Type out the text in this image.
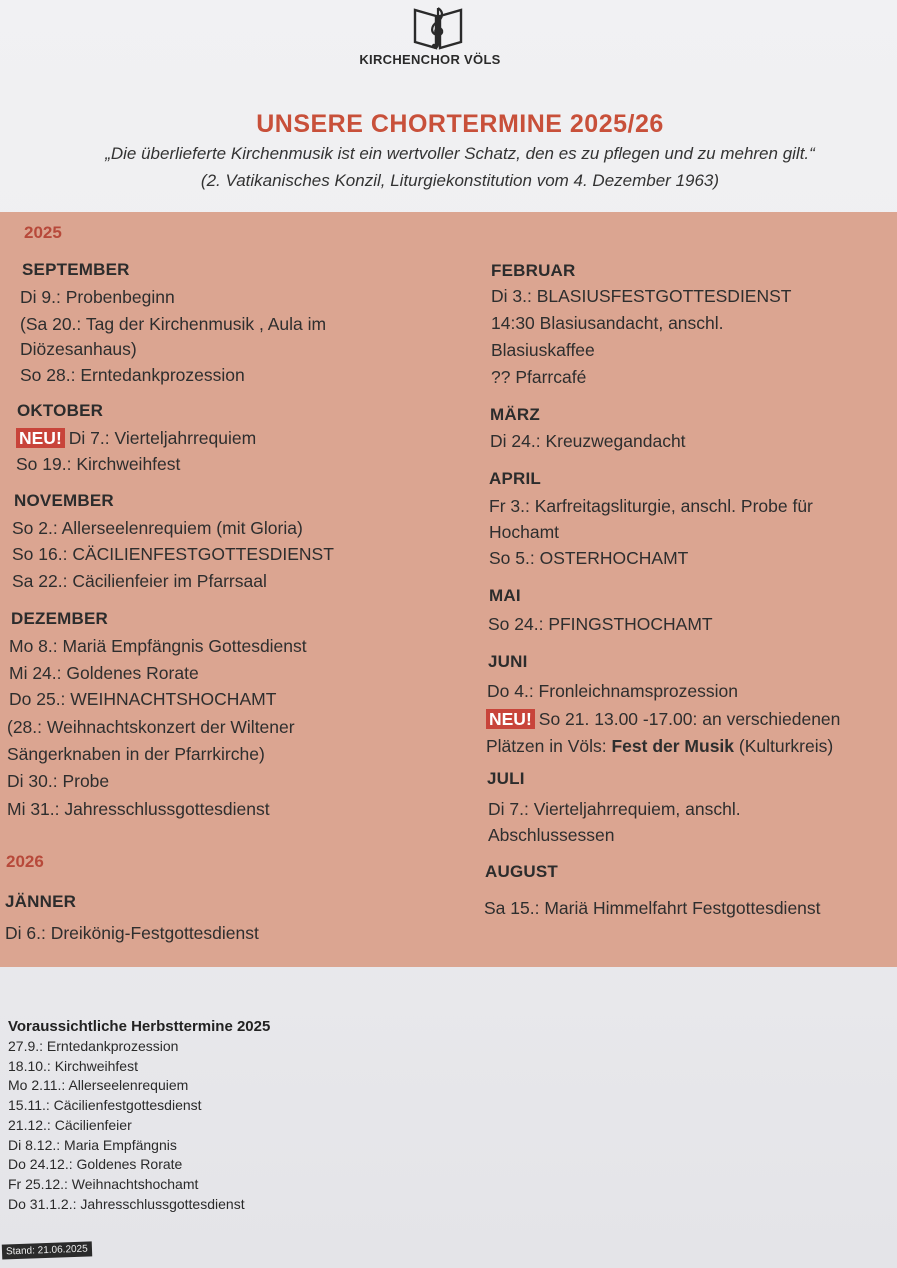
KIRCHENCHOR VÖLS
UNSERE CHORTERMINE 2025/26
„Die überlieferte Kirchenmusik ist ein wertvoller Schatz, den es zu pflegen und zu mehren gilt.“
(2. Vatikanisches Konzil, Liturgiekonstitution vom 4. Dezember 1963)
2025
SEPTEMBER
Di 9.: Probenbeginn
(Sa 20.: Tag der Kirchenmusik , Aula im
Diözesanhaus)
So 28.: Erntedankprozession
OKTOBER
NEU! Di 7.: Vierteljahrrequiem
So 19.: Kirchweihfest
NOVEMBER
So 2.: Allerseelenrequiem (mit Gloria)
So 16.: CÄCILIENFESTGOTTESDIENST
Sa 22.: Cäcilienfeier im Pfarrsaal
DEZEMBER
Mo 8.: Mariä Empfängnis Gottesdienst
Mi 24.: Goldenes Rorate
Do 25.: WEIHNACHTSHOCHAMT
(28.: Weihnachtskonzert der Wiltener
Sängerknaben in der Pfarrkirche)
Di 30.: Probe
Mi 31.: Jahresschlussgottesdienst
2026
JÄNNER
Di 6.: Dreikönig-Festgottesdienst
FEBRUAR
Di 3.: BLASIUSFESTGOTTESDIENST
14:30 Blasiusandacht, anschl.
Blasiuskaffee
?? Pfarrcafé
MÄRZ
Di 24.: Kreuzwegandacht
APRIL
Fr 3.: Karfreitagsliturgie, anschl. Probe für
Hochamt
So 5.: OSTERHOCHAMT
MAI
So 24.: PFINGSTHOCHAMT
JUNI
Do 4.: Fronleichnamsprozession
NEU! So 21. 13.00 -17.00: an verschiedenen
Plätzen in Völs: Fest der Musik (Kulturkreis)
JULI
Di 7.: Vierteljahrrequiem, anschl.
Abschlussessen
AUGUST
Sa 15.: Mariä Himmelfahrt Festgottesdienst
Voraussichtliche Herbsttermine 2025
27.9.: Erntedankprozession
18.10.: Kirchweihfest
Mo 2.11.: Allerseelenrequiem
15.11.: Cäcilienfestgottesdienst
21.12.: Cäcilienfeier
Di 8.12.: Maria Empfängnis
Do 24.12.: Goldenes Rorate
Fr 25.12.: Weihnachtshochamt
Do 31.1.2.: Jahresschlussgottesdienst
Stand: 21.06.2025
